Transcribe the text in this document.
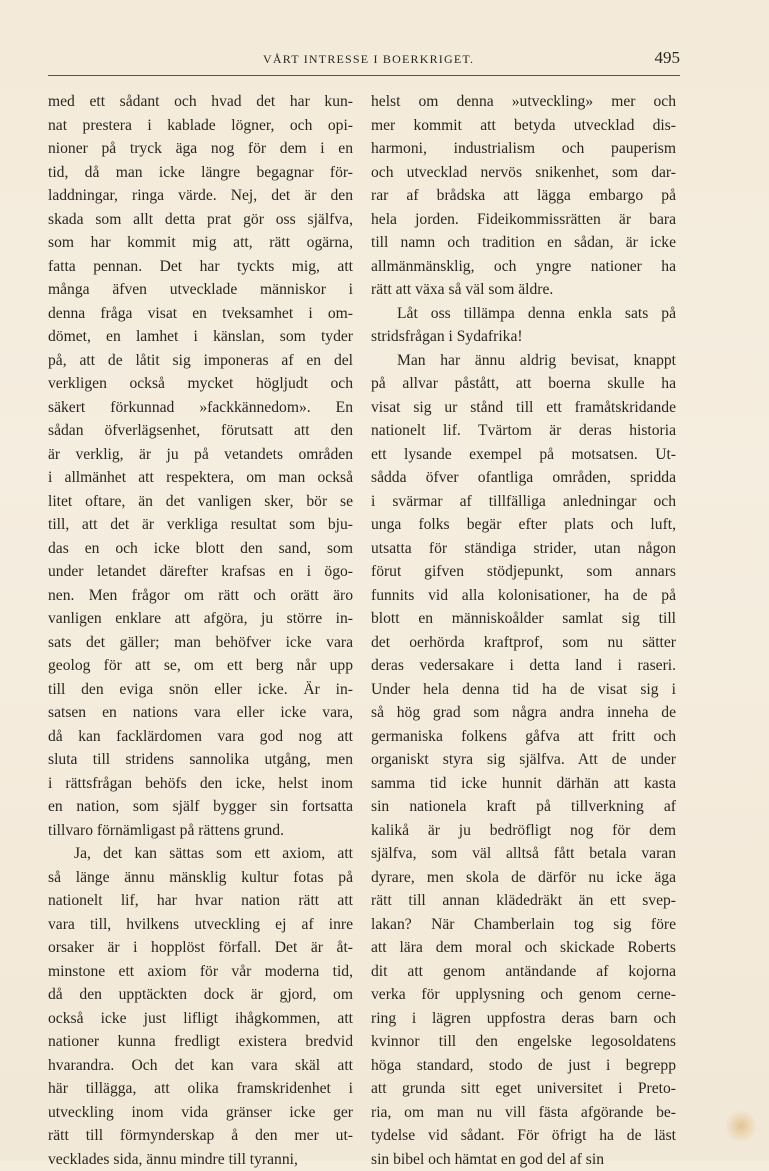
VÅRT INTRESSE I BOERKRIGET.	495
med ett sådant och hvad det har kun-
nat prestera i kablade lögner, och opi-
nioner på tryck äga nog för dem i en
tid, då man icke längre begagnar för-
laddningar, ringa värde. Nej, det är den
skada som allt detta prat gör oss själfva,
som har kommit mig att, rätt ogärna,
fatta pennan. Det har tyckts mig, att
många äfven utvecklade människor i
denna fråga visat en tveksamhet i om-
dömet, en lamhet i känslan, som tyder
på, att de låtit sig imponeras af en del
verkligen också mycket högljudt och
säkert förkunnad »fackkännedom». En
sådan öfverlägsenhet, förutsatt att den
är verklig, är ju på vetandets områden
i allmänhet att respektera, om man också
litet oftare, än det vanligen sker, bör se
till, att det är verkliga resultat som bju-
das en och icke blott den sand, som
under letandet därefter krafsas en i ögo-
nen. Men frågor om rätt och orätt äro
vanligen enklare att afgöra, ju större in-
sats det gäller; man behöfver icke vara
geolog för att se, om ett berg når upp
till den eviga snön eller icke. Är in-
satsen en nations vara eller icke vara,
då kan facklärdomen vara god nog att
sluta till stridens sannolika utgång, men
i rättsfrågan behöfs den icke, helst inom
en nation, som själf bygger sin fortsatta
tillvaro förnämligast på rättens grund.
Ja, det kan sättas som ett axiom, att
så länge ännu mänsklig kultur fotas på
nationelt lif, har hvar nation rätt att
vara till, hvilkens utveckling ej af inre
orsaker är i hopplöst förfall. Det är åt-
minstone ett axiom för vår moderna tid,
då den upptäckten dock är gjord, om
också icke just lifligt ihågkommen, att
nationer kunna fredligt existera bredvid
hvarandra. Och det kan vara skäl att
här tillägga, att olika framskridenhet i
utveckling inom vida gränser icke ger
rätt till förmynderskap å den mer ut-
vecklades sida, ännu mindre till tyranni,
helst om denna »utveckling» mer och
mer kommit att betyda utvecklad dis-
harmoni, industrialism och pauperism
och utvecklad nervös snikenhet, som dar-
rar af brådska att lägga embargo på
hela jorden. Fideikommissrätten är bara
till namn och tradition en sådan, är icke
allmänmänsklig, och yngre nationer ha
rätt att växa så väl som äldre.
Låt oss tillämpa denna enkla sats på
stridsfrågan i Sydafrika!
Man har ännu aldrig bevisat, knappt
på allvar påstått, att boerna skulle ha
visat sig ur stånd till ett framåtskridande
nationelt lif. Tvärtom är deras historia
ett lysande exempel på motsatsen. Ut-
sådda öfver ofantliga områden, spridda
i svärmar af tillfälliga anledningar och
unga folks begär efter plats och luft,
utsatta för ständiga strider, utan någon
förut gifven stödjepunkt, som annars
funnits vid alla kolonisationer, ha de på
blott en människoålder samlat sig till
det oerhörda kraftprof, som nu sätter
deras vedersakare i detta land i raseri.
Under hela denna tid ha de visat sig i
så hög grad som några andra inneha de
germaniska folkens gåfva att fritt och
organiskt styra sig själfva. Att de under
samma tid icke hunnit därhän att kasta
sin nationela kraft på tillverkning af
kalikå är ju bedröfligt nog för dem
själfva, som väl alltså fått betala varan
dyrare, men skola de därför nu icke äga
rätt till annan klädedräkt än ett svep-
lakan? När Chamberlain tog sig före
att lära dem moral och skickade Roberts
dit att genom antändande af kojorna
verka för upplysning och genom cerne-
ring i lägren uppfostra deras barn och
kvinnor till den engelske legosoldatens
höga standard, stodo de just i begrepp
att grunda sitt eget universitet i Preto-
ria, om man nu vill fästa afgörande be-
tydelse vid sådant. För öfrigt ha de läst
sin bibel och hämtat en god del af sin
